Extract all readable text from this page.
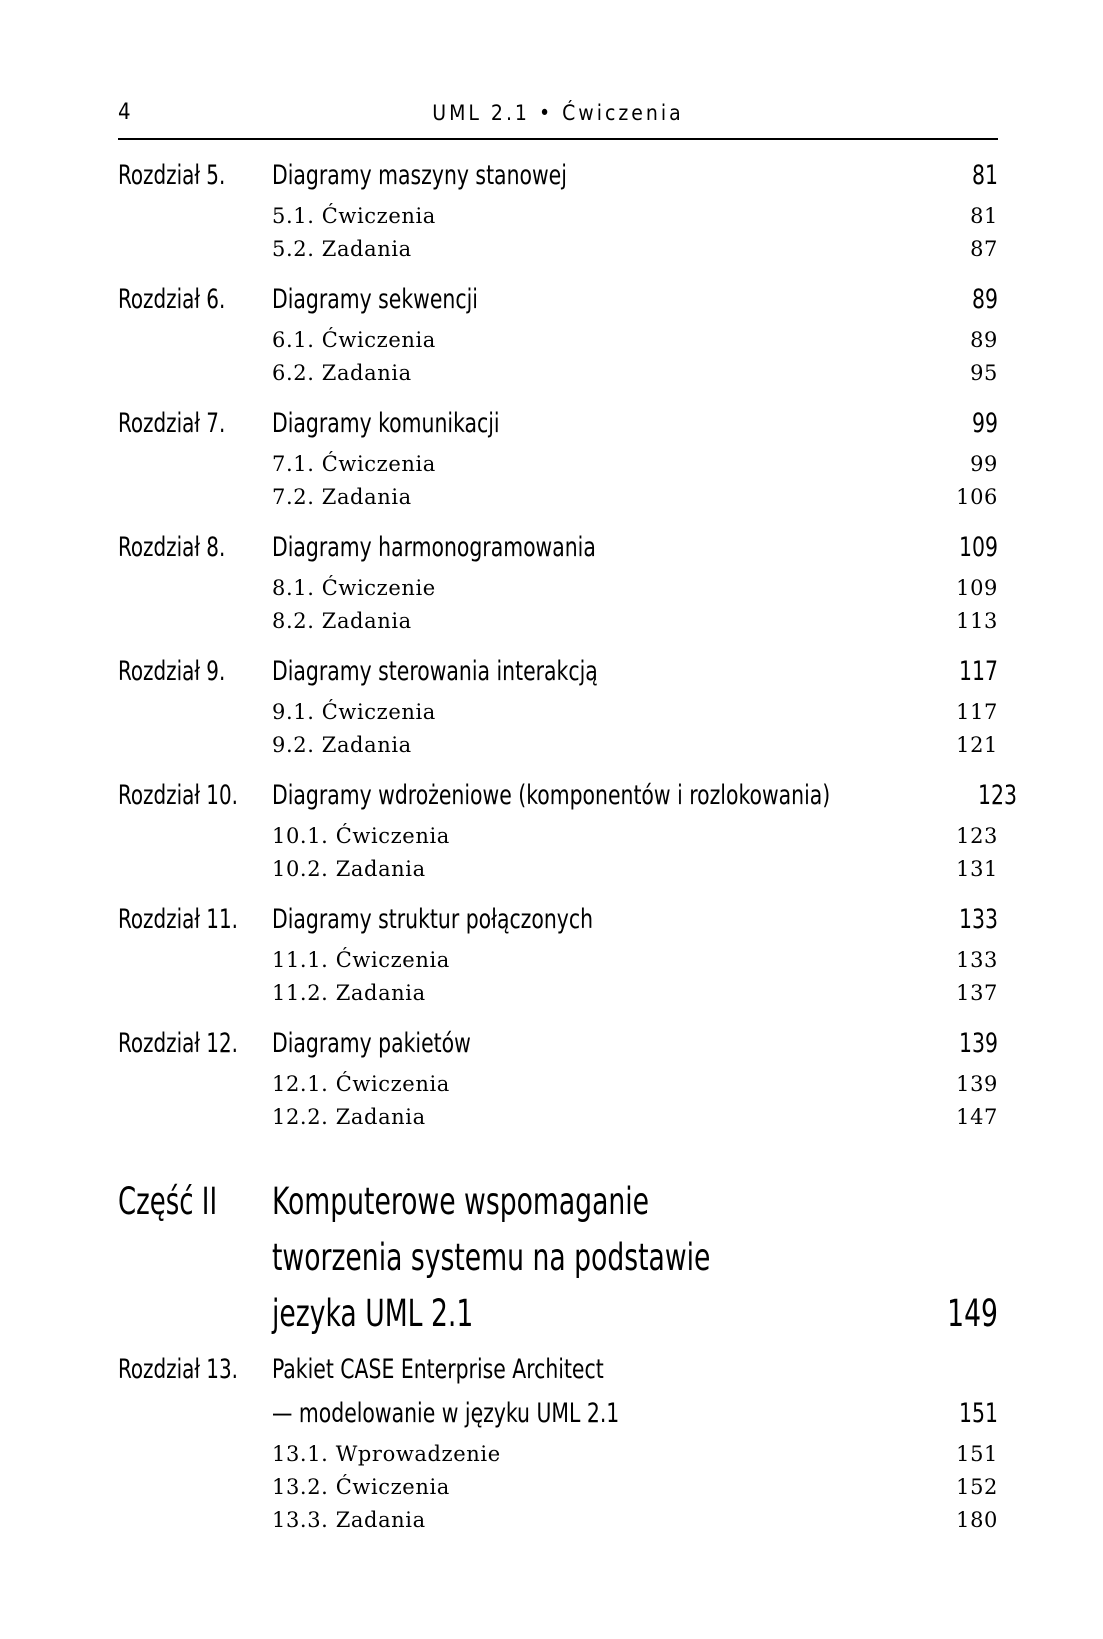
4	UML 2.1 • Ćwiczenia
Rozdział 5.	Diagramy maszyny stanowej	81
5.1. Ćwiczenia	81
5.2. Zadania	87
Rozdział 6.	Diagramy sekwencji	89
6.1. Ćwiczenia	89
6.2. Zadania	95
Rozdział 7.	Diagramy komunikacji	99
7.1. Ćwiczenia	99
7.2. Zadania	106
Rozdział 8.	Diagramy harmonogramowania	109
8.1. Ćwiczenie	109
8.2. Zadania	113
Rozdział 9.	Diagramy sterowania interakcją	117
9.1. Ćwiczenia	117
9.2. Zadania	121
Rozdział 10. Diagramy wdrożeniowe (komponentów i rozlokowania)	123
10.1. Ćwiczenia	123
10.2. Zadania	131
Rozdział 11. Diagramy struktur połączonych	133
11.1. Ćwiczenia	133
11.2. Zadania	137
Rozdział 12. Diagramy pakietów	139
12.1. Ćwiczenia	139
12.2. Zadania	147
Część II	Komputerowe wspomaganie
tworzenia systemu na podstawie
jezyka UML 2.1	149
Rozdział 13. Pakiet CASE Enterprise Architect
— modelowanie w języku UML 2.1	151
13.1. Wprowadzenie	151
13.2. Ćwiczenia	152
13.3. Zadania	180
